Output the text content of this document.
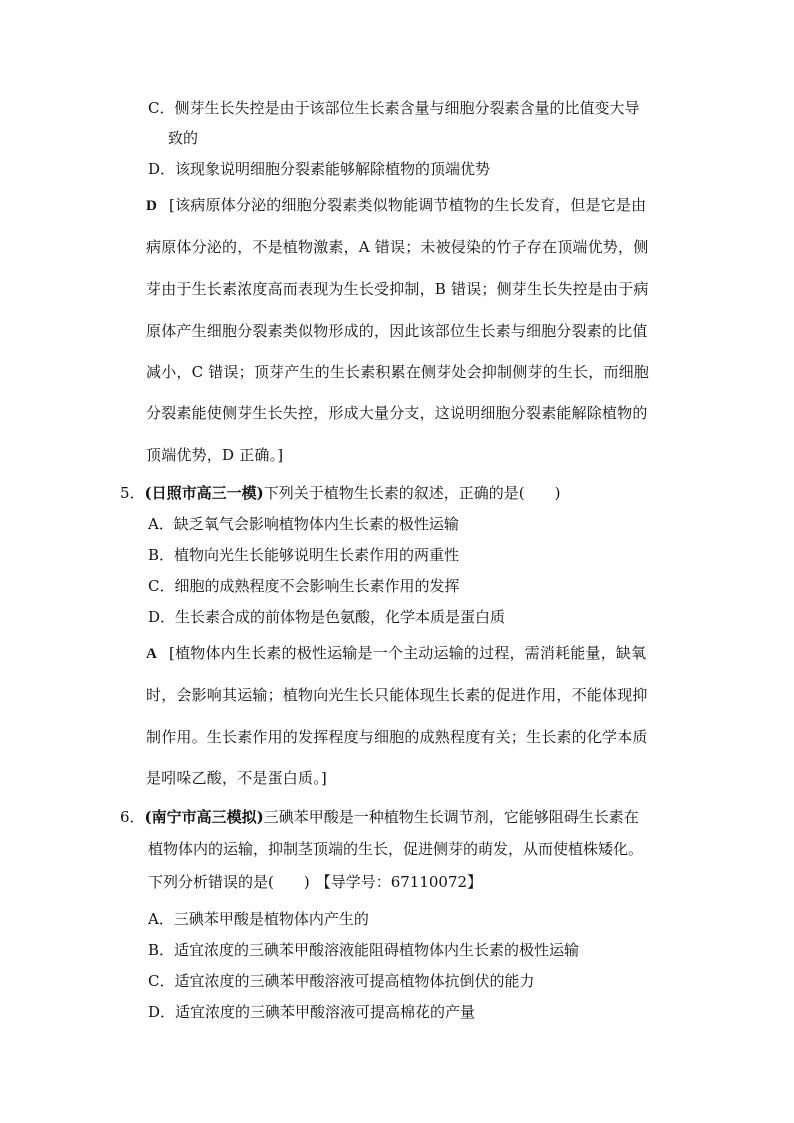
C．侧芽生长失控是由于该部位生长素含量与细胞分裂素含量的比值变大导
致的
D．该现象说明细胞分裂素能够解除植物的顶端优势
D [该病原体分泌的细胞分裂素类似物能调节植物的生长发育，但是它是由
病原体分泌的，不是植物激素，A 错误；未被侵染的竹子存在顶端优势，侧
芽由于生长素浓度高而表现为生长受抑制，B 错误；侧芽生长失控是由于病
原体产生细胞分裂素类似物形成的，因此该部位生长素与细胞分裂素的比值
减小，C 错误；顶芽产生的生长素积累在侧芽处会抑制侧芽的生长，而细胞
分裂素能使侧芽生长失控，形成大量分支，这说明细胞分裂素能解除植物的
顶端优势，D 正确。]
5．(日照市高三一模)下列关于植物生长素的叙述，正确的是(　　)
A．缺乏氧气会影响植物体内生长素的极性运输
B．植物向光生长能够说明生长素作用的两重性
C．细胞的成熟程度不会影响生长素作用的发挥
D．生长素合成的前体物是色氨酸，化学本质是蛋白质
A [植物体内生长素的极性运输是一个主动运输的过程，需消耗能量，缺氧
时，会影响其运输；植物向光生长只能体现生长素的促进作用，不能体现抑
制作用。生长素作用的发挥程度与细胞的成熟程度有关；生长素的化学本质
是吲哚乙酸，不是蛋白质。]
6．(南宁市高三模拟)三碘苯甲酸是一种植物生长调节剂，它能够阻碍生长素在
植物体内的运输，抑制茎顶端的生长，促进侧芽的萌发，从而使植株矮化。
下列分析错误的是(　　) 【导学号：67110072】
A．三碘苯甲酸是植物体内产生的
B．适宜浓度的三碘苯甲酸溶液能阻碍植物体内生长素的极性运输
C．适宜浓度的三碘苯甲酸溶液可提高植物体抗倒伏的能力
D．适宜浓度的三碘苯甲酸溶液可提高棉花的产量
